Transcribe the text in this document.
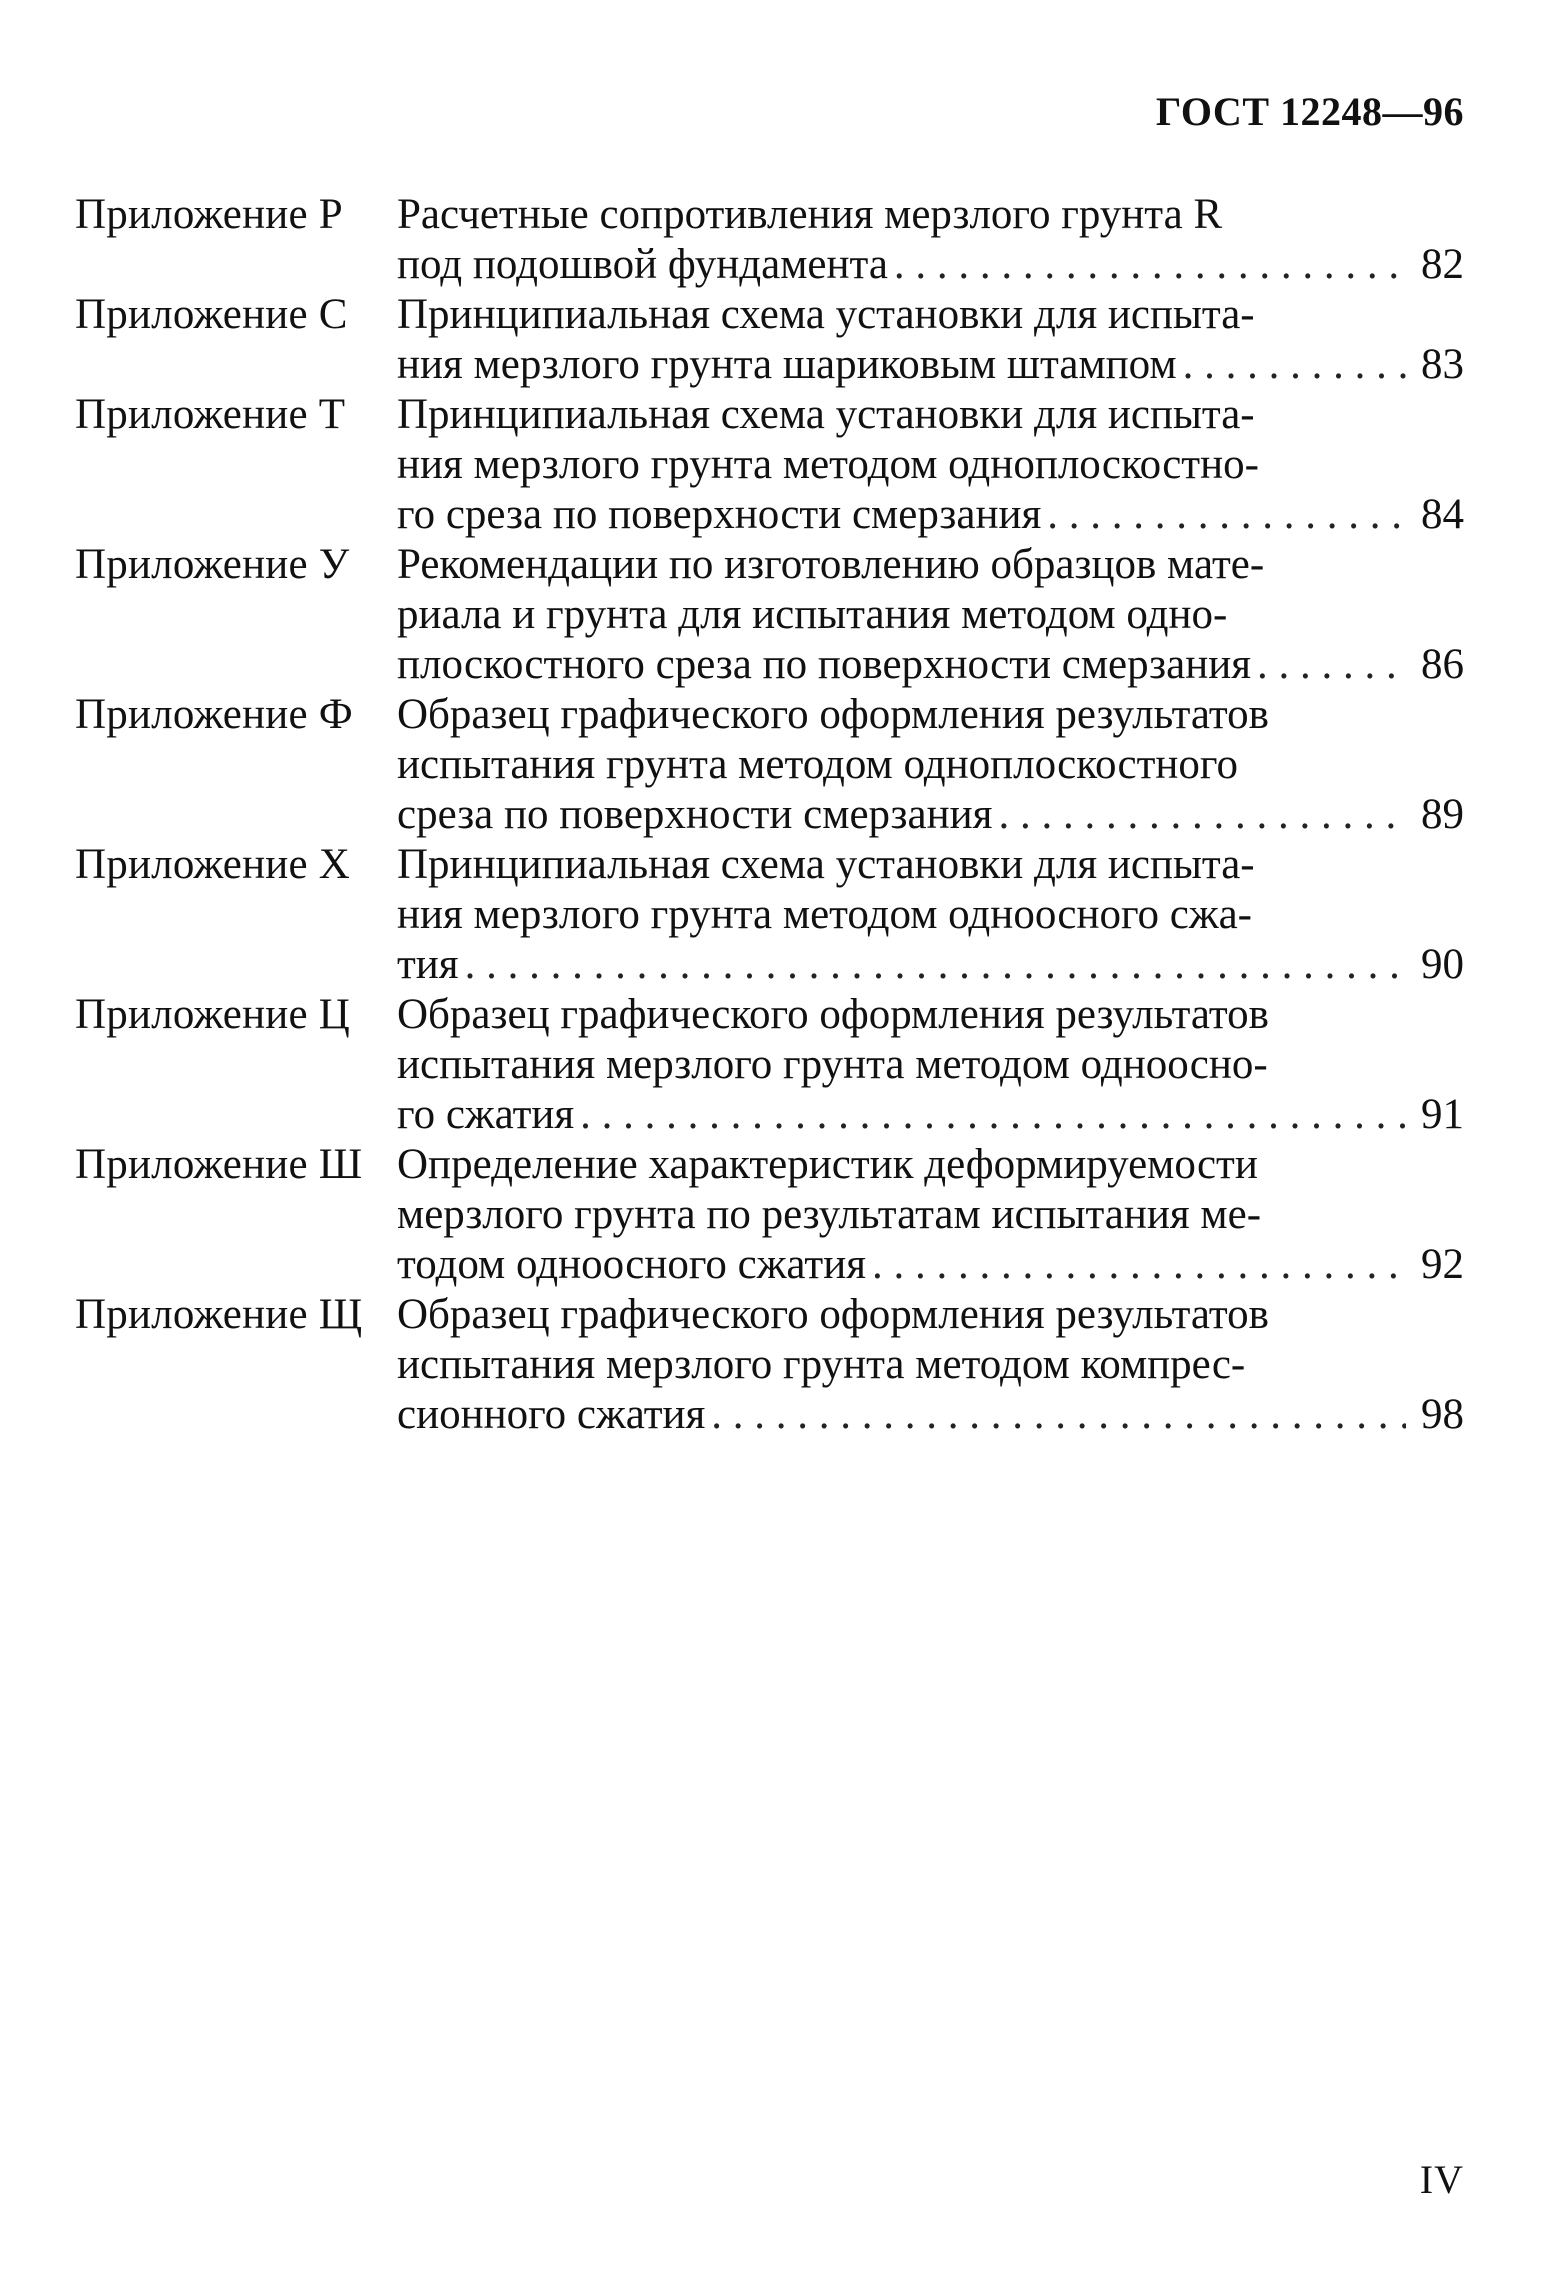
ГОСТ 12248—96
Приложение Р	Расчетные сопротивления мерзлого грунта R
под подошвой фундамента . . .	82
Приложение С	Принципиальная схема установки для испыта-
ния мерзлого грунта шариковым штампом . . .	83
Приложение Т	Принципиальная схема установки для испыта-
ния мерзлого грунта методом одноплоскостно-
го среза по поверхности смерзания . . .	84
Приложение У	Рекомендации по изготовлению образцов мате-
риала и грунта для испытания методом одно-
плоскостного среза по поверхности смерзания . . .	86
Приложение Ф	Образец графического оформления результатов
испытания грунта методом одноплоскостного
среза по поверхности смерзания . . .	89
Приложение Х	Принципиальная схема установки для испыта-
ния мерзлого грунта методом одноосного сжа-
тия . . .	90
Приложение Ц	Образец графического оформления результатов
испытания мерзлого грунта методом одноосно-
го сжатия . . .	91
Приложение Ш Определение характеристик деформируемости
мерзлого грунта по результатам испытания ме-
тодом одноосного сжатия . . .	92
Приложение Щ Образец графического оформления результатов
испытания мерзлого грунта методом компрес-
сионного сжатия . . .	98
IV
